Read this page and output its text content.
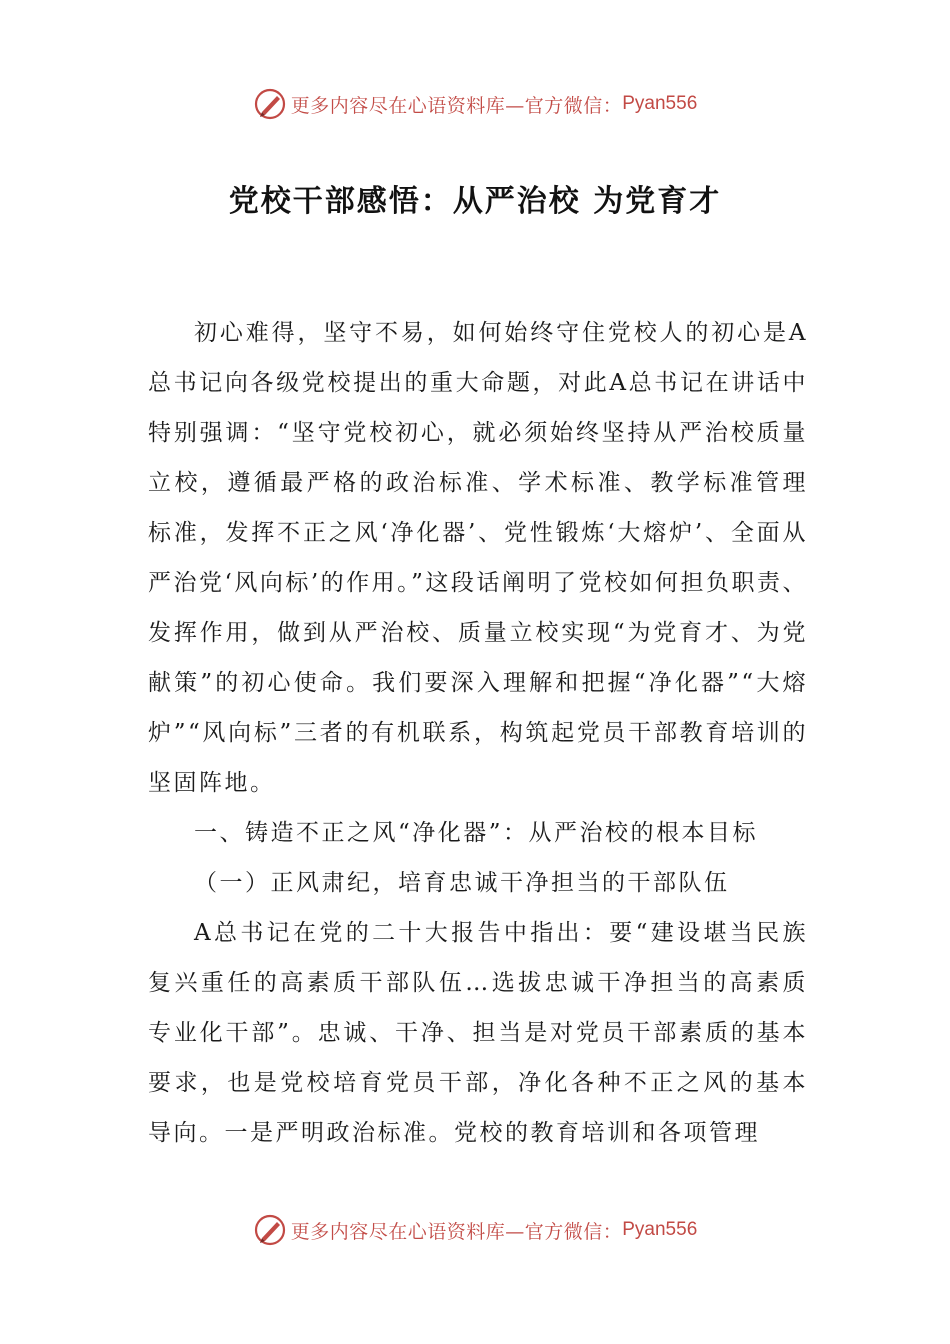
更多内容尽在心语资料库—官方微信： Pyan556
党校干部感悟：从严治校 为党育才

初心难得，坚守不易，如何始终守住党校人的初心是A总书记向各级党校提出的重大命题，对此A总书记在讲话中特别强调：“坚守党校初心，就必须始终坚持从严治校质量立校，遵循最严格的政治标准、学术标准、教学标准管理标准，发挥不正之风‘净化器’、党性锻炼‘大熔炉’、全面从严治党‘风向标’的作用。”这段话阐明了党校如何担负职责、发挥作用，做到从严治校、质量立校实现“为党育才、为党献策”的初心使命。我们要深入理解和把握“净化器”“大熔炉”“风向标”三者的有机联系，构筑起党员干部教育培训的坚固阵地。

一、铸造不正之风“净化器”：从严治校的根本目标

（一）正风肃纪，培育忠诚干净担当的干部队伍

A总书记在党的二十大报告中指出：要“建设堪当民族复兴重任的高素质干部队伍…选拔忠诚干净担当的高素质专业化干部”。忠诚、干净、担当是对党员干部素质的基本要求，也是党校培育党员干部，净化各种不正之风的基本导向。一是严明政治标准。党校的教育培训和各项管理

更多内容尽在心语资料库—官方微信： Pyan556
